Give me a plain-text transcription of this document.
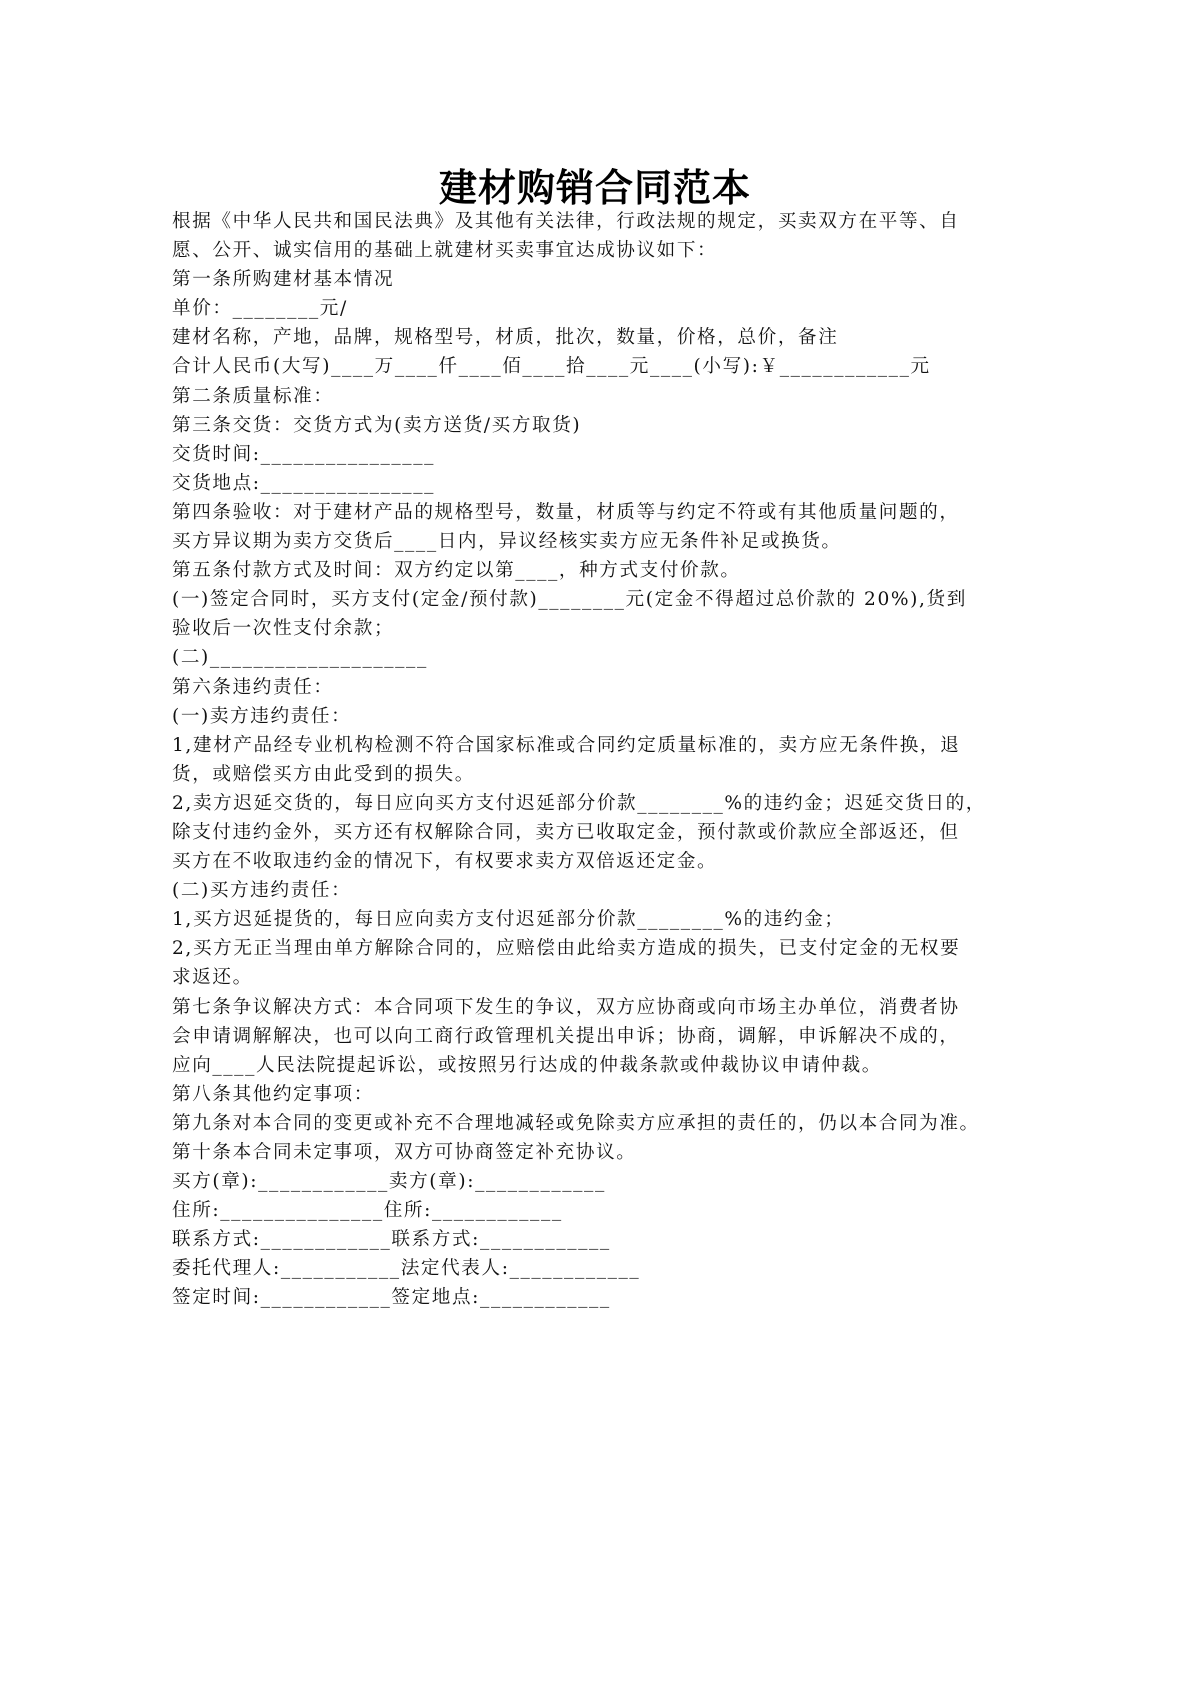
建材购销合同范本
根据《中华人民共和国民法典》及其他有关法律，行政法规的规定，买卖双方在平等、自
愿、公开、诚实信用的基础上就建材买卖事宜达成协议如下：
第一条所购建材基本情况
单价：________元/
建材名称，产地，品牌，规格型号，材质，批次，数量，价格，总价，备注
合计人民币(大写)____万____仟____佰____拾____元____(小写):￥____________元
第二条质量标准：
第三条交货：交货方式为(卖方送货/买方取货)
交货时间:________________
交货地点:________________
第四条验收：对于建材产品的规格型号，数量，材质等与约定不符或有其他质量问题的，
买方异议期为卖方交货后____日内，异议经核实卖方应无条件补足或换货。
第五条付款方式及时间：双方约定以第____，种方式支付价款。
(一)签定合同时，买方支付(定金/预付款)________元(定金不得超过总价款的 20%),货到
验收后一次性支付余款；
(二)____________________
第六条违约责任：
(一)卖方违约责任：
1,建材产品经专业机构检测不符合国家标准或合同约定质量标准的，卖方应无条件换，退
货，或赔偿买方由此受到的损失。
2,卖方迟延交货的，每日应向买方支付迟延部分价款________%的违约金；迟延交货日的，
除支付违约金外，买方还有权解除合同，卖方已收取定金，预付款或价款应全部返还，但
买方在不收取违约金的情况下，有权要求卖方双倍返还定金。
(二)买方违约责任：
1,买方迟延提货的，每日应向卖方支付迟延部分价款________%的违约金；
2,买方无正当理由单方解除合同的，应赔偿由此给卖方造成的损失，已支付定金的无权要
求返还。
第七条争议解决方式：本合同项下发生的争议，双方应协商或向市场主办单位，消费者协
会申请调解解决，也可以向工商行政管理机关提出申诉；协商，调解，申诉解决不成的，
应向____人民法院提起诉讼，或按照另行达成的仲裁条款或仲裁协议申请仲裁。
第八条其他约定事项：
第九条对本合同的变更或补充不合理地减轻或免除卖方应承担的责任的，仍以本合同为准。
第十条本合同未定事项，双方可协商签定补充协议。
买方(章):____________卖方(章):____________
住所:_______________住所:____________
联系方式:____________联系方式:____________
委托代理人:___________法定代表人:____________
签定时间:____________签定地点:____________
